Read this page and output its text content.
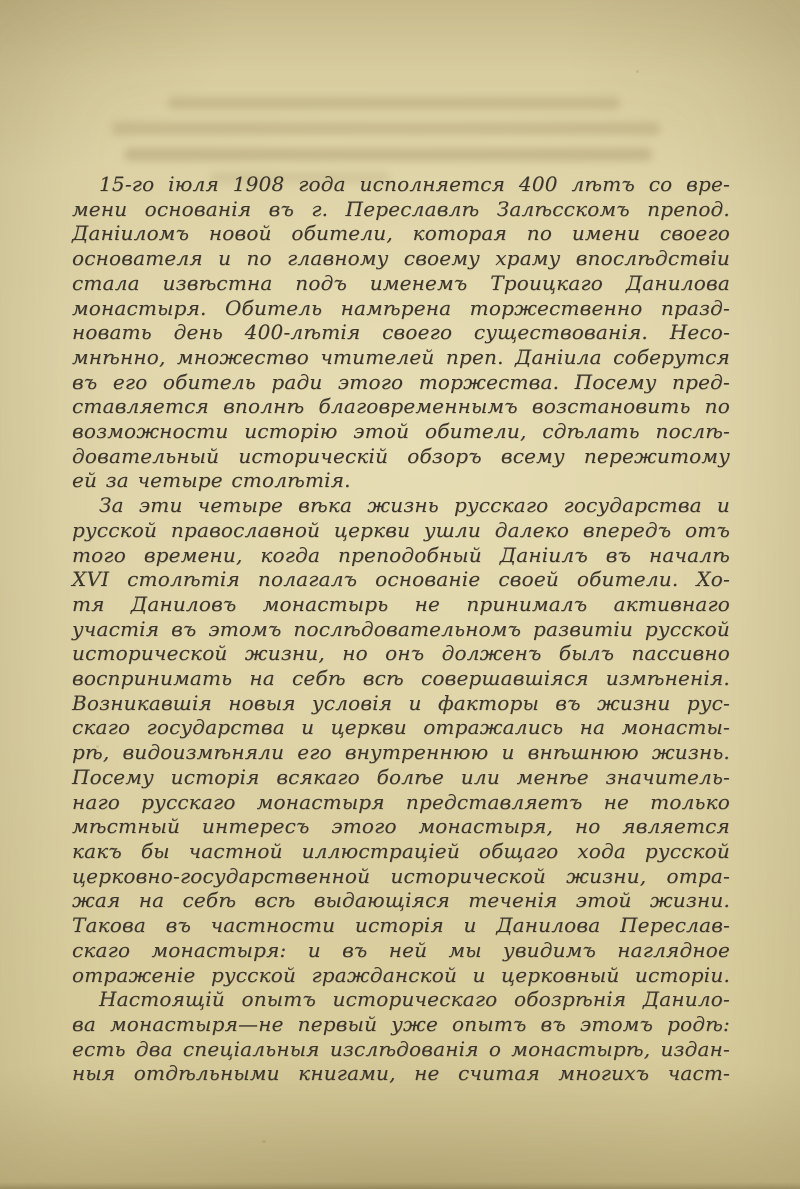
15-го іюля 1908 года исполняется 400 лѣтъ со вре-
мени основанія въ г. Переславлѣ Залѣсскомъ препод.
Даніиломъ новой обители, которая по имени своего
основателя и по главному своему храму впослѣдствіи
стала извѣстна подъ именемъ Троицкаго Данилова
монастыря. Обитель намѣрена торжественно празд-
новать день 400-лѣтія своего существованія. Несо-
мнѣнно, множество чтителей преп. Даніила соберутся
въ его обитель ради этого торжества. Посему пред-
ставляется вполнѣ благовременнымъ возстановить по
возможности исторію этой обители, сдѣлать послѣ-
довательный историческій обзоръ всему пережитому
ей за четыре столѣтія.
За эти четыре вѣка жизнь русскаго государства и
русской православной церкви ушли далеко впередъ отъ
того времени, когда преподобный Даніилъ въ началѣ
XVI столѣтія полагалъ основаніе своей обители. Хо-
тя Даниловъ монастырь не принималъ активнаго
участія въ этомъ послѣдовательномъ развитіи русской
исторической жизни, но онъ долженъ былъ пассивно
воспринимать на себѣ всѣ совершавшіяся измѣненія.
Возникавшія новыя условія и факторы въ жизни рус-
скаго государства и церкви отражались на монасты-
рѣ, видоизмѣняли его внутреннюю и внѣшнюю жизнь.
Посему исторія всякаго болѣе или менѣе значитель-
наго русскаго монастыря представляетъ не только
мѣстный интересъ этого монастыря, но является
какъ бы частной иллюстраціей общаго хода русской
церковно-государственной исторической жизни, отра-
жая на себѣ всѣ выдающіяся теченія этой жизни.
Такова въ частности исторія и Данилова Переслав-
скаго монастыря: и въ ней мы увидимъ наглядное
отраженіе русской гражданской и церковный исторіи.
Настоящій опытъ историческаго обозрѣнія Данило-
ва монастыря—не первый уже опытъ въ этомъ родѣ:
есть два спеціальныя изслѣдованія о монастырѣ, издан-
ныя отдѣльными книгами, не считая многихъ част-
